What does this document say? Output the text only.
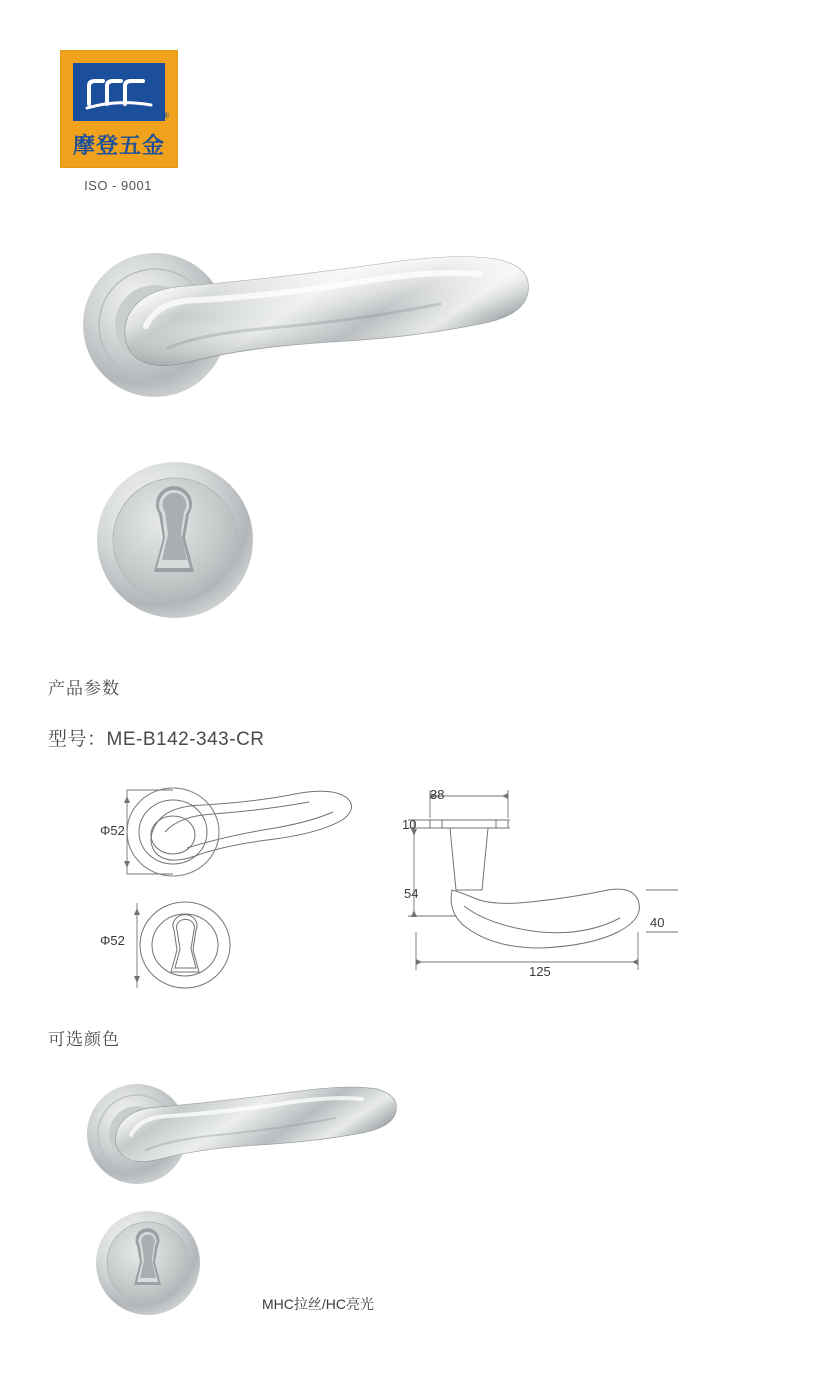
®
摩登五金
ISO - 9001
产品参数
型号：ME-B142-343-CR
Φ52
Φ52
38
10
54
125
40
可选颜色
MHC拉丝/HC亮光
